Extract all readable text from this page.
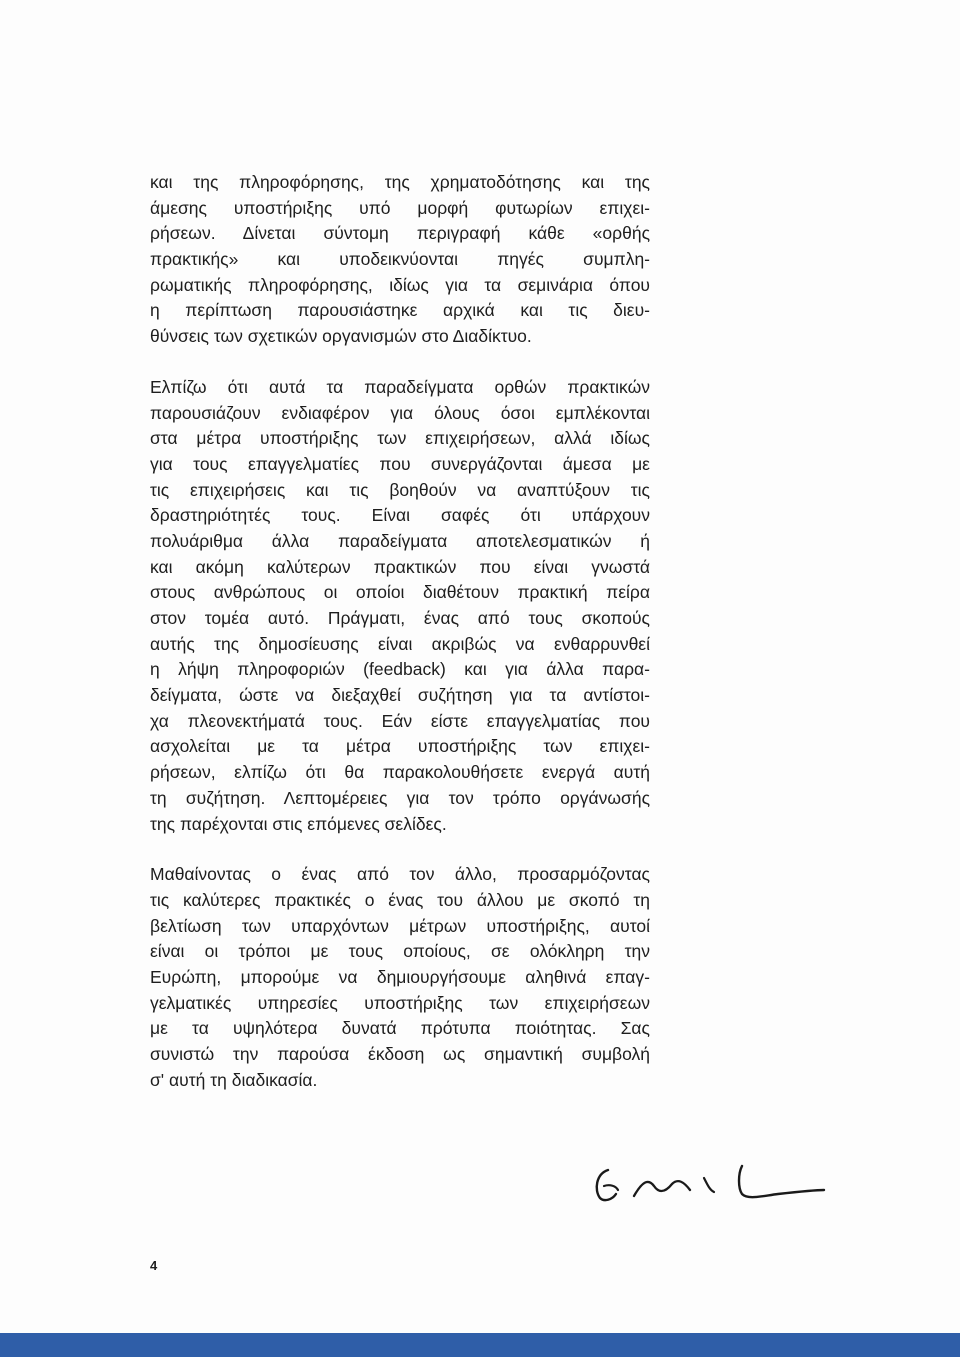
και της πληροφόρησης, της χρηματοδότησης και της
άμεσης υποστήριξης υπό μορφή φυτωρίων επιχει-
ρήσεων. Δίνεται σύντομη περιγραφή κάθε «ορθής
πρακτικής» και υποδεικνύονται πηγές συμπλη-
ρωματικής πληροφόρησης, ιδίως για τα σεμινάρια όπου
η περίπτωση παρουσιάστηκε αρχικά και τις διευ-
θύνσεις των σχετικών οργανισμών στο Διαδίκτυο.
Ελπίζω ότι αυτά τα παραδείγματα ορθών πρακτικών
παρουσιάζουν ενδιαφέρον για όλους όσοι εμπλέκονται
στα μέτρα υποστήριξης των επιχειρήσεων, αλλά ιδίως
για τους επαγγελματίες που συνεργάζονται άμεσα με
τις επιχειρήσεις και τις βοηθούν να αναπτύξουν τις
δραστηριότητές τους. Είναι σαφές ότι υπάρχουν
πολυάριθμα άλλα παραδείγματα αποτελεσματικών ή
και ακόμη καλύτερων πρακτικών που είναι γνωστά
στους ανθρώπους οι οποίοι διαθέτουν πρακτική πείρα
στον τομέα αυτό. Πράγματι, ένας από τους σκοπούς
αυτής της δημοσίευσης είναι ακριβώς να ενθαρρυνθεί
η λήψη πληροφοριών (feedback) και για άλλα παρα-
δείγματα, ώστε να διεξαχθεί συζήτηση για τα αντίστοι-
χα πλεονεκτήματά τους. Εάν είστε επαγγελματίας που
ασχολείται με τα μέτρα υποστήριξης των επιχει-
ρήσεων, ελπίζω ότι θα παρακολουθήσετε ενεργά αυτή
τη συζήτηση. Λεπτομέρειες για τον τρόπο οργάνωσής
της παρέχονται στις επόμενες σελίδες.
Μαθαίνοντας ο ένας από τον άλλο, προσαρμόζοντας
τις καλύτερες πρακτικές ο ένας του άλλου με σκοπό τη
βελτίωση των υπαρχόντων μέτρων υποστήριξης, αυτοί
είναι οι τρόποι με τους οποίους, σε ολόκληρη την
Ευρώπη, μπορούμε να δημιουργήσουμε αληθινά επαγ-
γελματικές υπηρεσίες υποστήριξης των επιχειρήσεων
με τα υψηλότερα δυνατά πρότυπα ποιότητας. Σας
συνιστώ την παρούσα έκδοση ως σημαντική συμβολή
σ' αυτή τη διαδικασία.
4
